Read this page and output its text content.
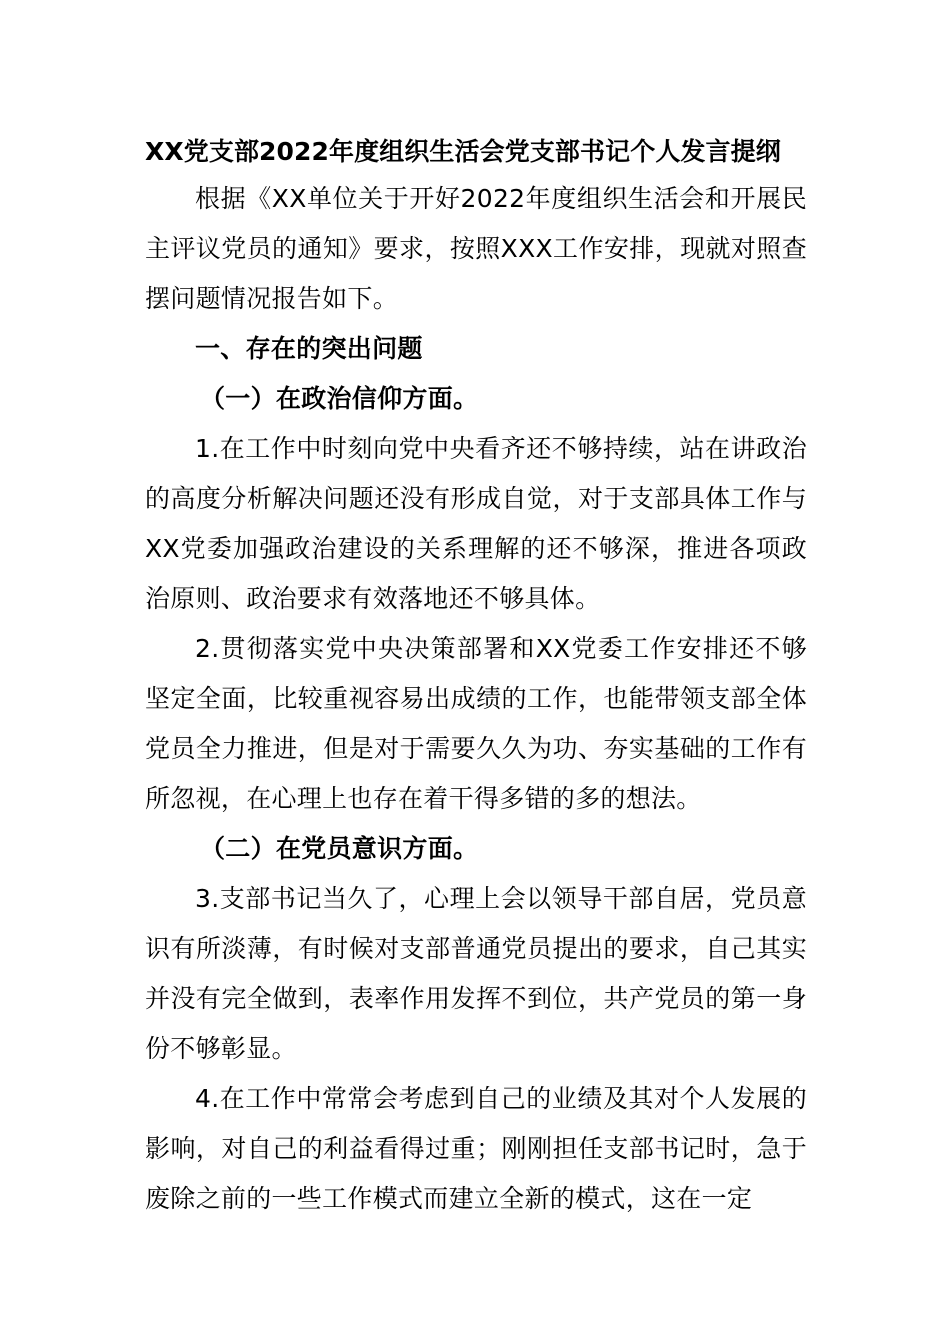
XX党支部2022年度组织生活会党支部书记个人发言提纲

根据《XX单位关于开好2022年度组织生活会和开展民主评议党员的通知》要求，按照XXX工作安排，现就对照查摆问题情况报告如下。

一、存在的突出问题

（一）在政治信仰方面。

1.在工作中时刻向党中央看齐还不够持续，站在讲政治的高度分析解决问题还没有形成自觉，对于支部具体工作与XX党委加强政治建设的关系理解的还不够深，推进各项政治原则、政治要求有效落地还不够具体。

2.贯彻落实党中央决策部署和XX党委工作安排还不够坚定全面，比较重视容易出成绩的工作，也能带领支部全体党员全力推进，但是对于需要久久为功、夯实基础的工作有所忽视，在心理上也存在着干得多错的多的想法。

（二）在党员意识方面。

3.支部书记当久了，心理上会以领导干部自居，党员意识有所淡薄，有时候对支部普通党员提出的要求，自己其实并没有完全做到，表率作用发挥不到位，共产党员的第一身份不够彰显。

4.在工作中常常会考虑到自己的业绩及其对个人发展的影响，对自己的利益看得过重；刚刚担任支部书记时，急于废除之前的一些工作模式而建立全新的模式，这在一定
